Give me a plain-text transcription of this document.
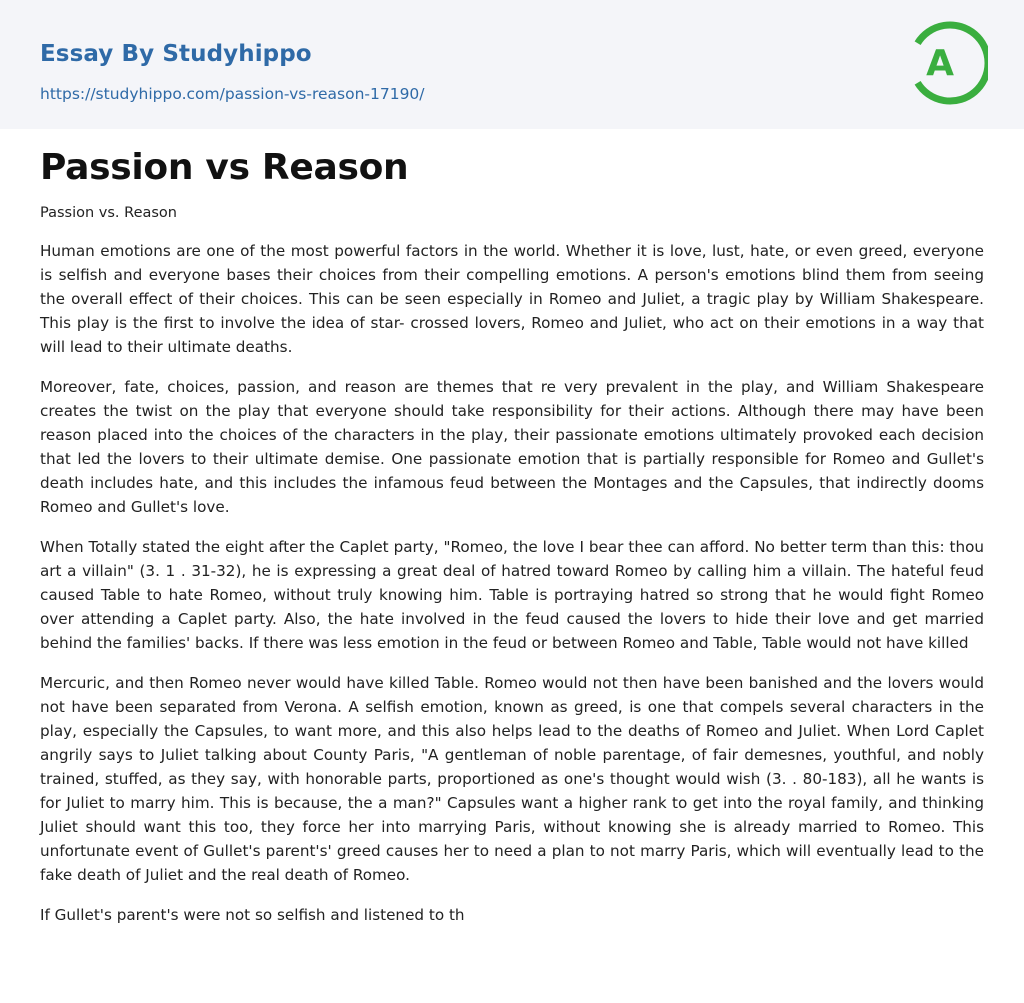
Essay By Studyhippo
https://studyhippo.com/passion-vs-reason-17190/
A
Passion vs Reason

Passion vs. Reason

Human emotions are one of the most powerful factors in the world. Whether it is love, lust, hate, or even greed, everyone is selfish and everyone bases their choices from their compelling emotions. A person's emotions blind them from seeing the overall effect of their choices. This can be seen especially in Romeo and Juliet, a tragic play by William Shakespeare. This play is the first to involve the idea of star- crossed lovers, Romeo and Juliet, who act on their emotions in a way that will lead to their ultimate deaths.

Moreover, fate, choices, passion, and reason are themes that re very prevalent in the play, and William Shakespeare creates the twist on the play that everyone should take responsibility for their actions. Although there may have been reason placed into the choices of the characters in the play, their passionate emotions ultimately provoked each decision that led the lovers to their ultimate demise. One passionate emotion that is partially responsible for Romeo and Gullet's death includes hate, and this includes the infamous feud between the Montages and the Capsules, that indirectly dooms Romeo and Gullet's love.

When Totally stated the eight after the Caplet party, "Romeo, the love I bear thee can afford. No better term than this: thou art a villain" (3. 1 . 31-32), he is expressing a great deal of hatred toward Romeo by calling him a villain. The hateful feud caused Table to hate Romeo, without truly knowing him. Table is portraying hatred so strong that he would fight Romeo over attending a Caplet party. Also, the hate involved in the feud caused the lovers to hide their love and get married behind the families' backs. If there was less emotion in the feud or between Romeo and Table, Table would not have killed

Mercuric, and then Romeo never would have killed Table. Romeo would not then have been banished and the lovers would not have been separated from Verona. A selfish emotion, known as greed, is one that compels several characters in the play, especially the Capsules, to want more, and this also helps lead to the deaths of Romeo and Juliet. When Lord Caplet angrily says to Juliet talking about County Paris, "A gentleman of noble parentage, of fair demesnes, youthful, and nobly trained, stuffed, as they say, with honorable parts, proportioned as one's thought would wish (3. . 80-183), all he wants is for Juliet to marry him. This is because, the a man?" Capsules want a higher rank to get into the royal family, and thinking Juliet should want this too, they force her into marrying Paris, without knowing she is already married to Romeo. This unfortunate event of Gullet's parent's' greed causes her to need a plan to not marry Paris, which will eventually lead to the fake death of Juliet and the real death of Romeo.

If Gullet's parent's were not so selfish and listened to th
